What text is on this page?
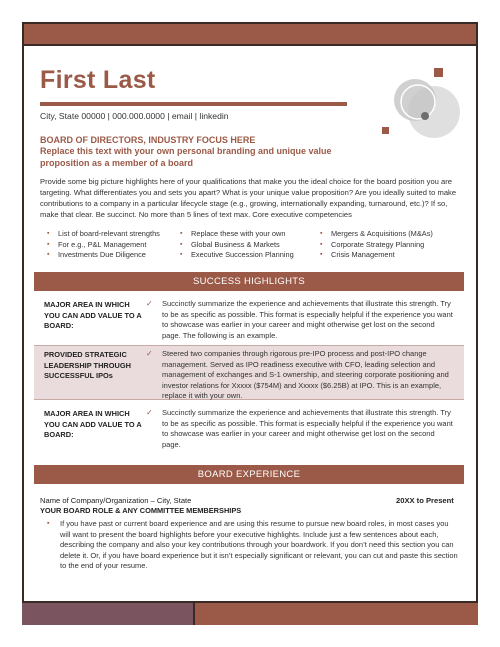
First Last
City, State 00000 | 000.000.0000 | email | linkedin
BOARD OF DIRECTORS, INDUSTRY FOCUS HERE
Replace this text with your own personal branding and unique value proposition as a member of a board
Provide some big picture highlights here of your qualifications that make you the ideal choice for the board position you are targeting. What differentiates you and sets you apart? What is your unique value proposition? Are you ideally suited to make contributions to a company in a particular lifecycle stage (e.g., growing, internationally expanding, turnaround, etc.)? If so, make that clear. Be succinct. No more than 5 lines of text max. Core executive competencies
▪ List of board-relevant strengths
▪ For e.g., P&L Management
▪ Investments Due Diligence
▪ Replace these with your own
▪ Global Business & Markets
▪ Executive Succession Planning
▪ Mergers & Acquisitions (M&As)
▪ Corporate Strategy Planning
▪ Crisis Management
SUCCESS HIGHLIGHTS
MAJOR AREA IN WHICH YOU CAN ADD VALUE TO A BOARD:
✓ Succinctly summarize the experience and achievements that illustrate this strength. Try to be as specific as possible. This format is especially helpful if the experience you want to showcase was earlier in your career and might otherwise get lost on the second page. The following is an example.
PROVIDED STRATEGIC LEADERSHIP THROUGH SUCCESSFUL IPOs
✓ Steered two companies through rigorous pre-IPO process and post-IPO change management. Served as IPO readiness executive with CFO, leading selection and management of exchanges and S-1 ownership, and steering corporate positioning and investor relations for Xxxxx ($754M) and Xxxxx ($6.25B) at IPO. This is an example, replace it with your own.
MAJOR AREA IN WHICH YOU CAN ADD VALUE TO A BOARD:
✓ Succinctly summarize the experience and achievements that illustrate this strength. Try to be as specific as possible. This format is especially helpful if the experience you want to showcase was earlier in your career and might otherwise get lost on the second page.
BOARD EXPERIENCE
Name of Company/Organization – City, State	20XX to Present
YOUR BOARD ROLE & ANY COMMITTEE MEMBERSHIPS
▪ If you have past or current board experience and are using this resume to pursue new board roles, in most cases you will want to present the board highlights before your executive highlights. Include just a few sentences about each, describing the company and also your key contributions through your boardwork. If you don’t need this section you can delete it. Or, if you have board experience but it isn’t especially significant or relevant, you can cut and paste this section to the end of your resume.
